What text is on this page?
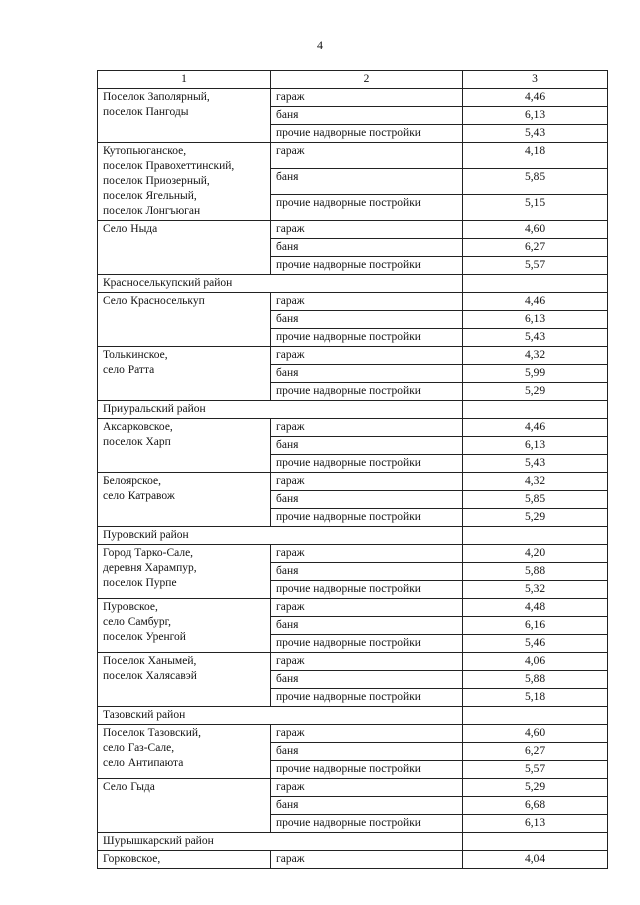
4
1	2	3

Поселок Заполярный,
поселок Пангоды	гараж	4,46
	баня	6,13
	прочие надворные постройки	5,43

Кутопьюганское,
поселок Правохеттинский,
поселок Приозерный,
поселок Ягельный,
поселок Лонгъюган	гараж	4,18
	баня	5,85
	прочие надворные постройки	5,15

Село Ныда	гараж	4,60
	баня	6,27
	прочие надворные постройки	5,57
Красноселькупский район		

Село Красноселькуп	гараж	4,46
	баня	6,13
	прочие надворные постройки	5,43

Толькинское,
село Ратта	гараж	4,32
	баня	5,99
	прочие надворные постройки	5,29
Приуральский район		

Аксарковское,
поселок Харп	гараж	4,46
	баня	6,13
	прочие надворные постройки	5,43

Белоярское,
село Катравож	гараж	4,32
	баня	5,85
	прочие надворные постройки	5,29
Пуровский район		

Город Тарко-Сале,
деревня Харампур,
поселок Пурпе	гараж	4,20
	баня	5,88
	прочие надворные постройки	5,32

Пуровское,
село Самбург,
поселок Уренгой	гараж	4,48
	баня	6,16
	прочие надворные постройки	5,46

Поселок Ханымей,
поселок Халясавэй	гараж	4,06
	баня	5,88
	прочие надворные постройки	5,18
Тазовский район		

Поселок Тазовский,
село Газ-Сале,
село Антипаюта	гараж	4,60
	баня	6,27
	прочие надворные постройки	5,57

Село Гыда	гараж	5,29
	баня	6,68
	прочие надворные постройки	6,13
Шурышкарский район		

Горковское,	гараж	4,04
